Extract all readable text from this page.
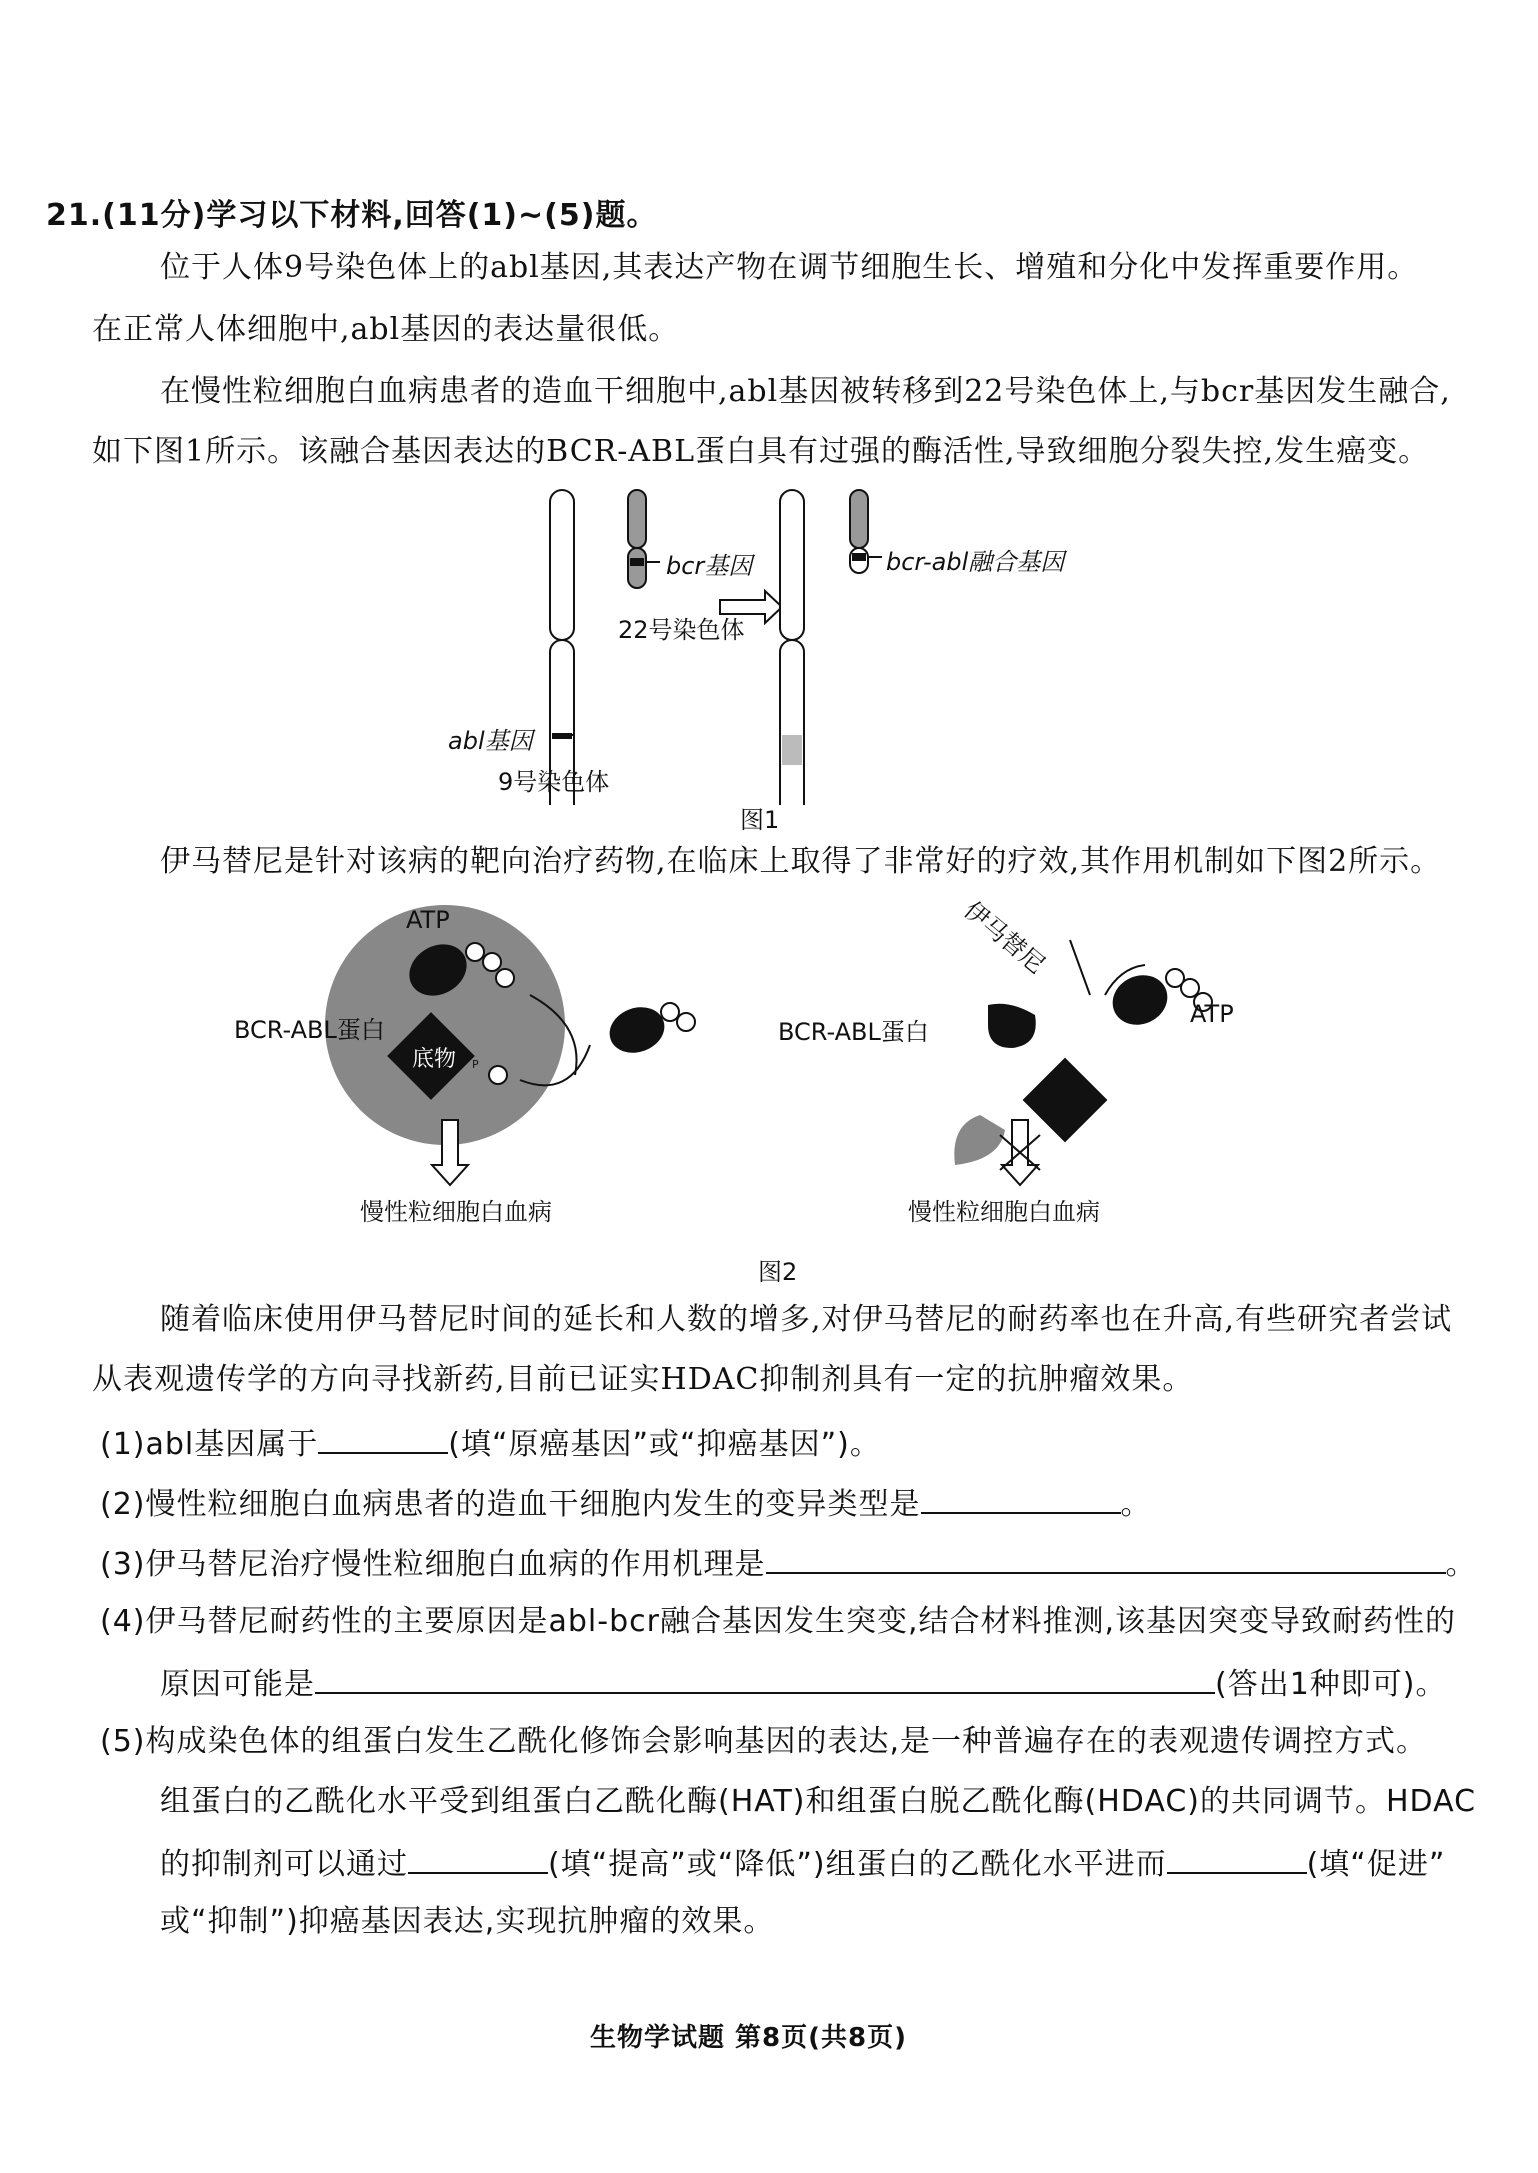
21.(11分)学习以下材料,回答(1)~(5)题。
位于人体9号染色体上的abl基因,其表达产物在调节细胞生长、增殖和分化中发挥重要作用。
在正常人体细胞中,abl基因的表达量很低。
在慢性粒细胞白血病患者的造血干细胞中,abl基因被转移到22号染色体上,与bcr基因发生融合,
如下图1所示。该融合基因表达的BCR-ABL蛋白具有过强的酶活性,导致细胞分裂失控,发生癌变。
bcr基因
22号染色体
bcr-abl融合基因
abl基因
9号染色体
图1
伊马替尼是针对该病的靶向治疗药物,在临床上取得了非常好的疗效,其作用机制如下图2所示。
ATP
BCR-ABL蛋白
底物 P
慢性粒细胞白血病
伊马替尼
ATP
BCR-ABL蛋白
底物
慢性粒细胞白血病
图2
随着临床使用伊马替尼时间的延长和人数的增多,对伊马替尼的耐药率也在升高,有些研究者尝试
从表观遗传学的方向寻找新药,目前已证实HDAC抑制剂具有一定的抗肿瘤效果。
(1)abl基因属于	(填“原癌基因”或“抑癌基因”)。
(2)慢性粒细胞白血病患者的造血干细胞内发生的变异类型是	。
(3)伊马替尼治疗慢性粒细胞白血病的作用机理是	。
(4)伊马替尼耐药性的主要原因是abl-bcr融合基因发生突变,结合材料推测,该基因突变导致耐药性的
原因可能是	(答出1种即可)。
(5)构成染色体的组蛋白发生乙酰化修饰会影响基因的表达,是一种普遍存在的表观遗传调控方式。
组蛋白的乙酰化水平受到组蛋白乙酰化酶(HAT)和组蛋白脱乙酰化酶(HDAC)的共同调节。HDAC
的抑制剂可以通过	(填“提高”或“降低”)组蛋白的乙酰化水平进而	(填“促进”
或“抑制”)抑癌基因表达,实现抗肿瘤的效果。
生物学试题 第8页(共8页)
